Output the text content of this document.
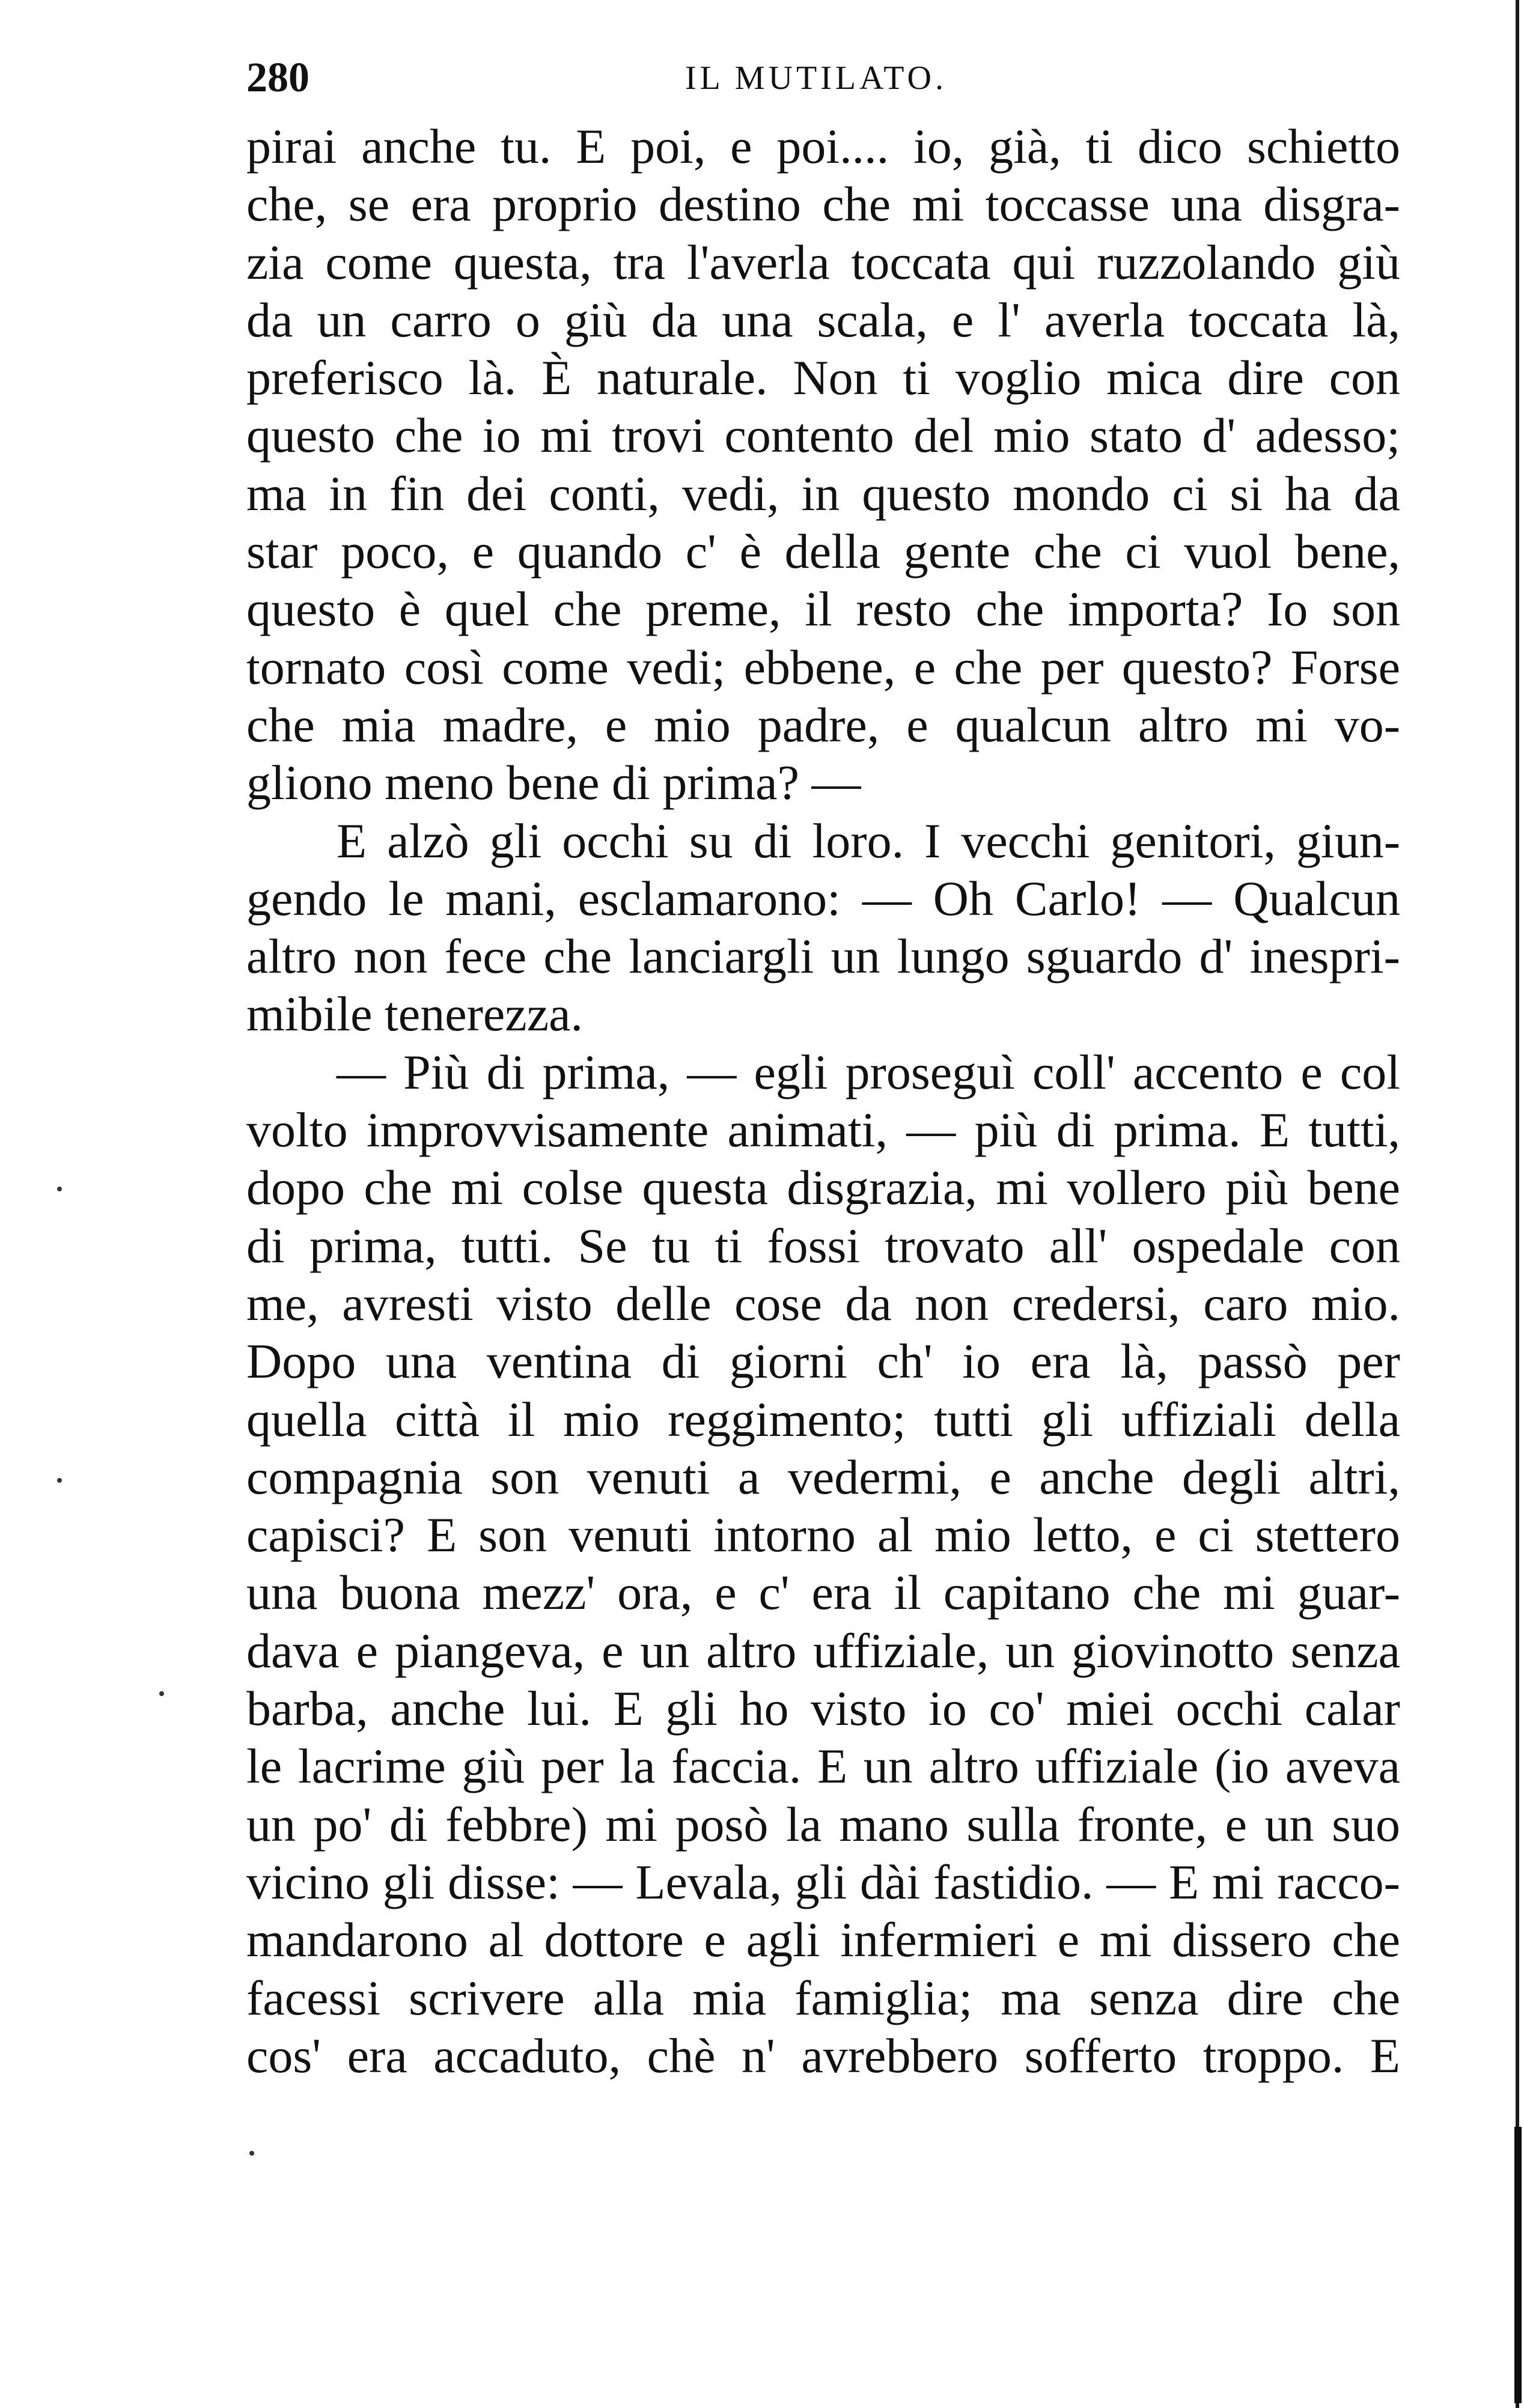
280	IL MUTILATO.
pirai anche tu. E poi, e poi.... io, già, ti dico schietto
che, se era proprio destino che mi toccasse una disgra-
zia come questa, tra l'averla toccata qui ruzzolando giù
da un carro o giù da una scala, e l' averla toccata là,
preferisco là. È naturale. Non ti voglio mica dire con
questo che io mi trovi contento del mio stato d' adesso;
ma in fin dei conti, vedi, in questo mondo ci si ha da
star poco, e quando c' è della gente che ci vuol bene,
questo è quel che preme, il resto che importa? Io son
tornato così come vedi; ebbene, e che per questo? Forse
che mia madre, e mio padre, e qualcun altro mi vo-
gliono meno bene di prima? —
E alzò gli occhi su di loro. I vecchi genitori, giun-
gendo le mani, esclamarono: — Oh Carlo! — Qualcun
altro non fece che lanciargli un lungo sguardo d' inespri-
mibile tenerezza.
— Più di prima, — egli proseguì coll' accento e col
volto improvvisamente animati, — più di prima. E tutti,
dopo che mi colse questa disgrazia, mi vollero più bene
di prima, tutti. Se tu ti fossi trovato all' ospedale con
me, avresti visto delle cose da non credersi, caro mio.
Dopo una ventina di giorni ch' io era là, passò per
quella città il mio reggimento; tutti gli uffiziali della
compagnia son venuti a vedermi, e anche degli altri,
capisci? E son venuti intorno al mio letto, e ci stettero
una buona mezz' ora, e c' era il capitano che mi guar-
dava e piangeva, e un altro uffiziale, un giovinotto senza
barba, anche lui. E gli ho visto io co' miei occhi calar
le lacrime giù per la faccia. E un altro uffiziale (io aveva
un po' di febbre) mi posò la mano sulla fronte, e un suo
vicino gli disse: — Levala, gli dài fastidio. — E mi racco-
mandarono al dottore e agli infermieri e mi dissero che
facessi scrivere alla mia famiglia; ma senza dire che
cos' era accaduto, chè n' avrebbero sofferto troppo. E
